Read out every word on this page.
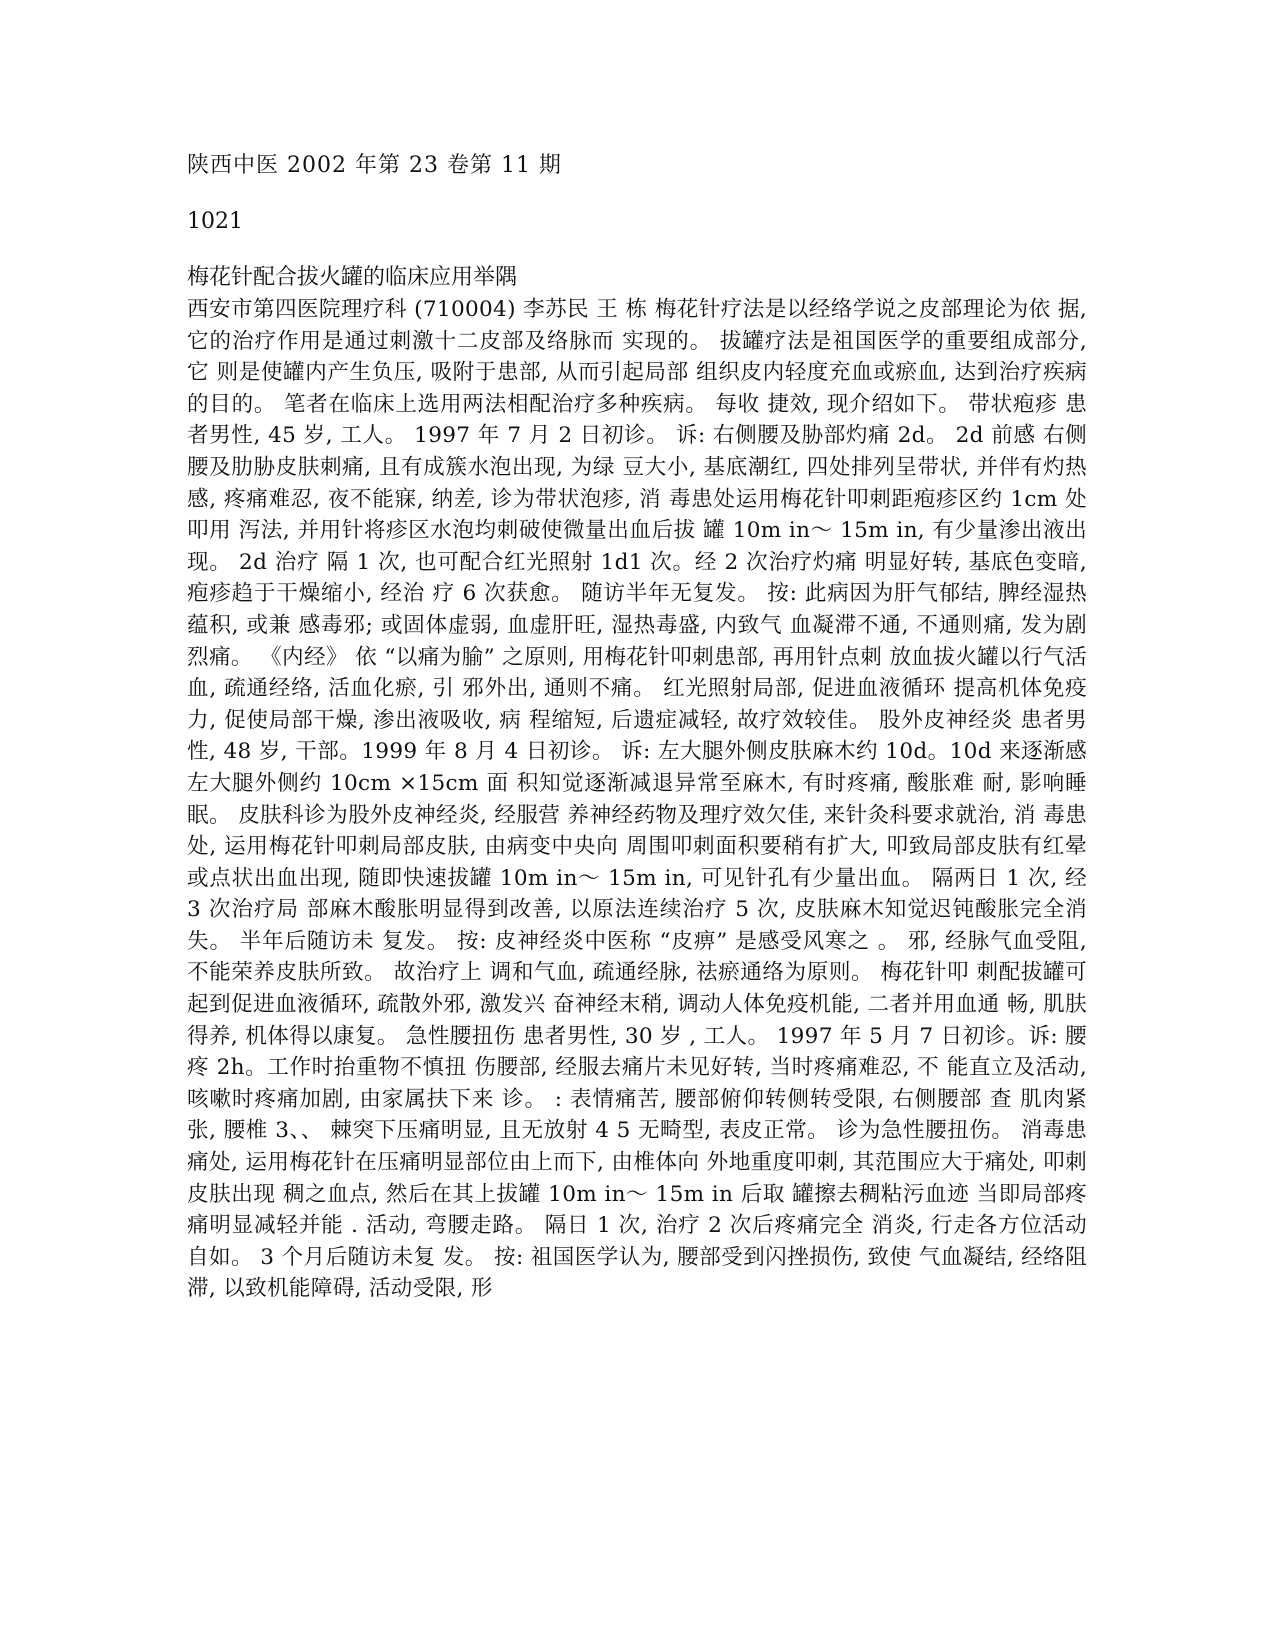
陕西中医 2002 年第 23 卷第 11 期
1021
梅花针配合拔火罐的临床应用举隅
西安市第四医院理疗科 (710004) 李苏民 王 栋 梅花针疗法是以经络学说之皮部理论为依 据, 它的治疗作用是通过刺激十二皮部及络脉而 实现的。 拔罐疗法是祖国医学的重要组成部分, 它 则是使罐内产生负压, 吸附于患部, 从而引起局部 组织皮内轻度充血或瘀血, 达到治疗疾病的目的。 笔者在临床上选用两法相配治疗多种疾病。 每收 捷效, 现介绍如下。 带状疱疹 患者男性, 45 岁, 工人。 1997 年 7 月 2 日初诊。 诉: 右侧腰及胁部灼痛 2d。 2d 前感 右侧腰及肋胁皮肤刺痛, 且有成簇水泡出现, 为绿 豆大小, 基底潮红, 四处排列呈带状, 并伴有灼热感, 疼痛难忍, 夜不能寐, 纳差, 诊为带状泡疹, 消 毒患处运用梅花针叩刺距疱疹区约 1cm 处叩用 泻法, 并用针将疹区水泡均刺破使微量出血后拔 罐 10m in～ 15m in, 有少量渗出液出现。 2d 治疗 隔 1 次, 也可配合红光照射 1d1 次。经 2 次治疗灼痛 明显好转, 基底色变暗, 疱疹趋于干燥缩小, 经治 疗 6 次获愈。 随访半年无复发。 按: 此病因为肝气郁结, 脾经湿热蕴积, 或兼 感毒邪; 或固体虚弱, 血虚肝旺, 湿热毒盛, 内致气 血凝滞不通, 不通则痛, 发为剧烈痛。 《内经》 依 “以痛为腧” 之原则, 用梅花针叩刺患部, 再用针点刺 放血拔火罐以行气活血, 疏通经络, 活血化瘀, 引 邪外出, 通则不痛。 红光照射局部, 促进血液循环 提高机体免疫力, 促使局部干燥, 渗出液吸收, 病 程缩短, 后遗症减轻, 故疗效较佳。 股外皮神经炎 患者男性, 48 岁, 干部。1999 年 8 月 4 日初诊。 诉: 左大腿外侧皮肤麻木约 10d。10d 来逐渐感左大腿外侧约 10cm ×15cm 面 积知觉逐渐减退异常至麻木, 有时疼痛, 酸胀难 耐, 影响睡眠。 皮肤科诊为股外皮神经炎, 经服营 养神经药物及理疗效欠佳, 来针灸科要求就治, 消 毒患处, 运用梅花针叩刺局部皮肤, 由病变中央向 周围叩刺面积要稍有扩大, 叩致局部皮肤有红晕 或点状出血出现, 随即快速拔罐 10m in～ 15m in, 可见针孔有少量出血。 隔两日 1 次, 经 3 次治疗局 部麻木酸胀明显得到改善, 以原法连续治疗 5 次, 皮肤麻木知觉迟钝酸胀完全消失。 半年后随访未 复发。 按: 皮神经炎中医称 “皮痹” 是感受风寒之 。 邪, 经脉气血受阻, 不能荣养皮肤所致。 故治疗上 调和气血, 疏通经脉, 祛瘀通络为原则。 梅花针叩 刺配拔罐可起到促进血液循环, 疏散外邪, 激发兴 奋神经末稍, 调动人体免疫机能, 二者并用血通 畅, 肌肤得养, 机体得以康复。 急性腰扭伤 患者男性, 30 岁 , 工人。 1997 年 5 月 7 日初诊。诉: 腰疼 2h。工作时抬重物不慎扭 伤腰部, 经服去痛片未见好转, 当时疼痛难忍, 不 能直立及活动, 咳嗽时疼痛加剧, 由家属扶下来 诊。 : 表情痛苦, 腰部俯仰转侧转受限, 右侧腰部 查 肌肉紧张, 腰椎 3、、 棘突下压痛明显, 且无放射 4 5 无畸型, 表皮正常。 诊为急性腰扭伤。 消毒患痛处, 运用梅花针在压痛明显部位由上而下, 由椎体向 外地重度叩刺, 其范围应大于痛处, 叩刺皮肤出现 稠之血点, 然后在其上拔罐 10m in～ 15m in 后取 罐擦去稠粘污血迹 当即局部疼痛明显减轻并能 . 活动, 弯腰走路。 隔日 1 次, 治疗 2 次后疼痛完全 消炎, 行走各方位活动自如。 3 个月后随访未复 发。 按: 祖国医学认为, 腰部受到闪挫损伤, 致使 气血凝结, 经络阻滞, 以致机能障碍, 活动受限, 形
